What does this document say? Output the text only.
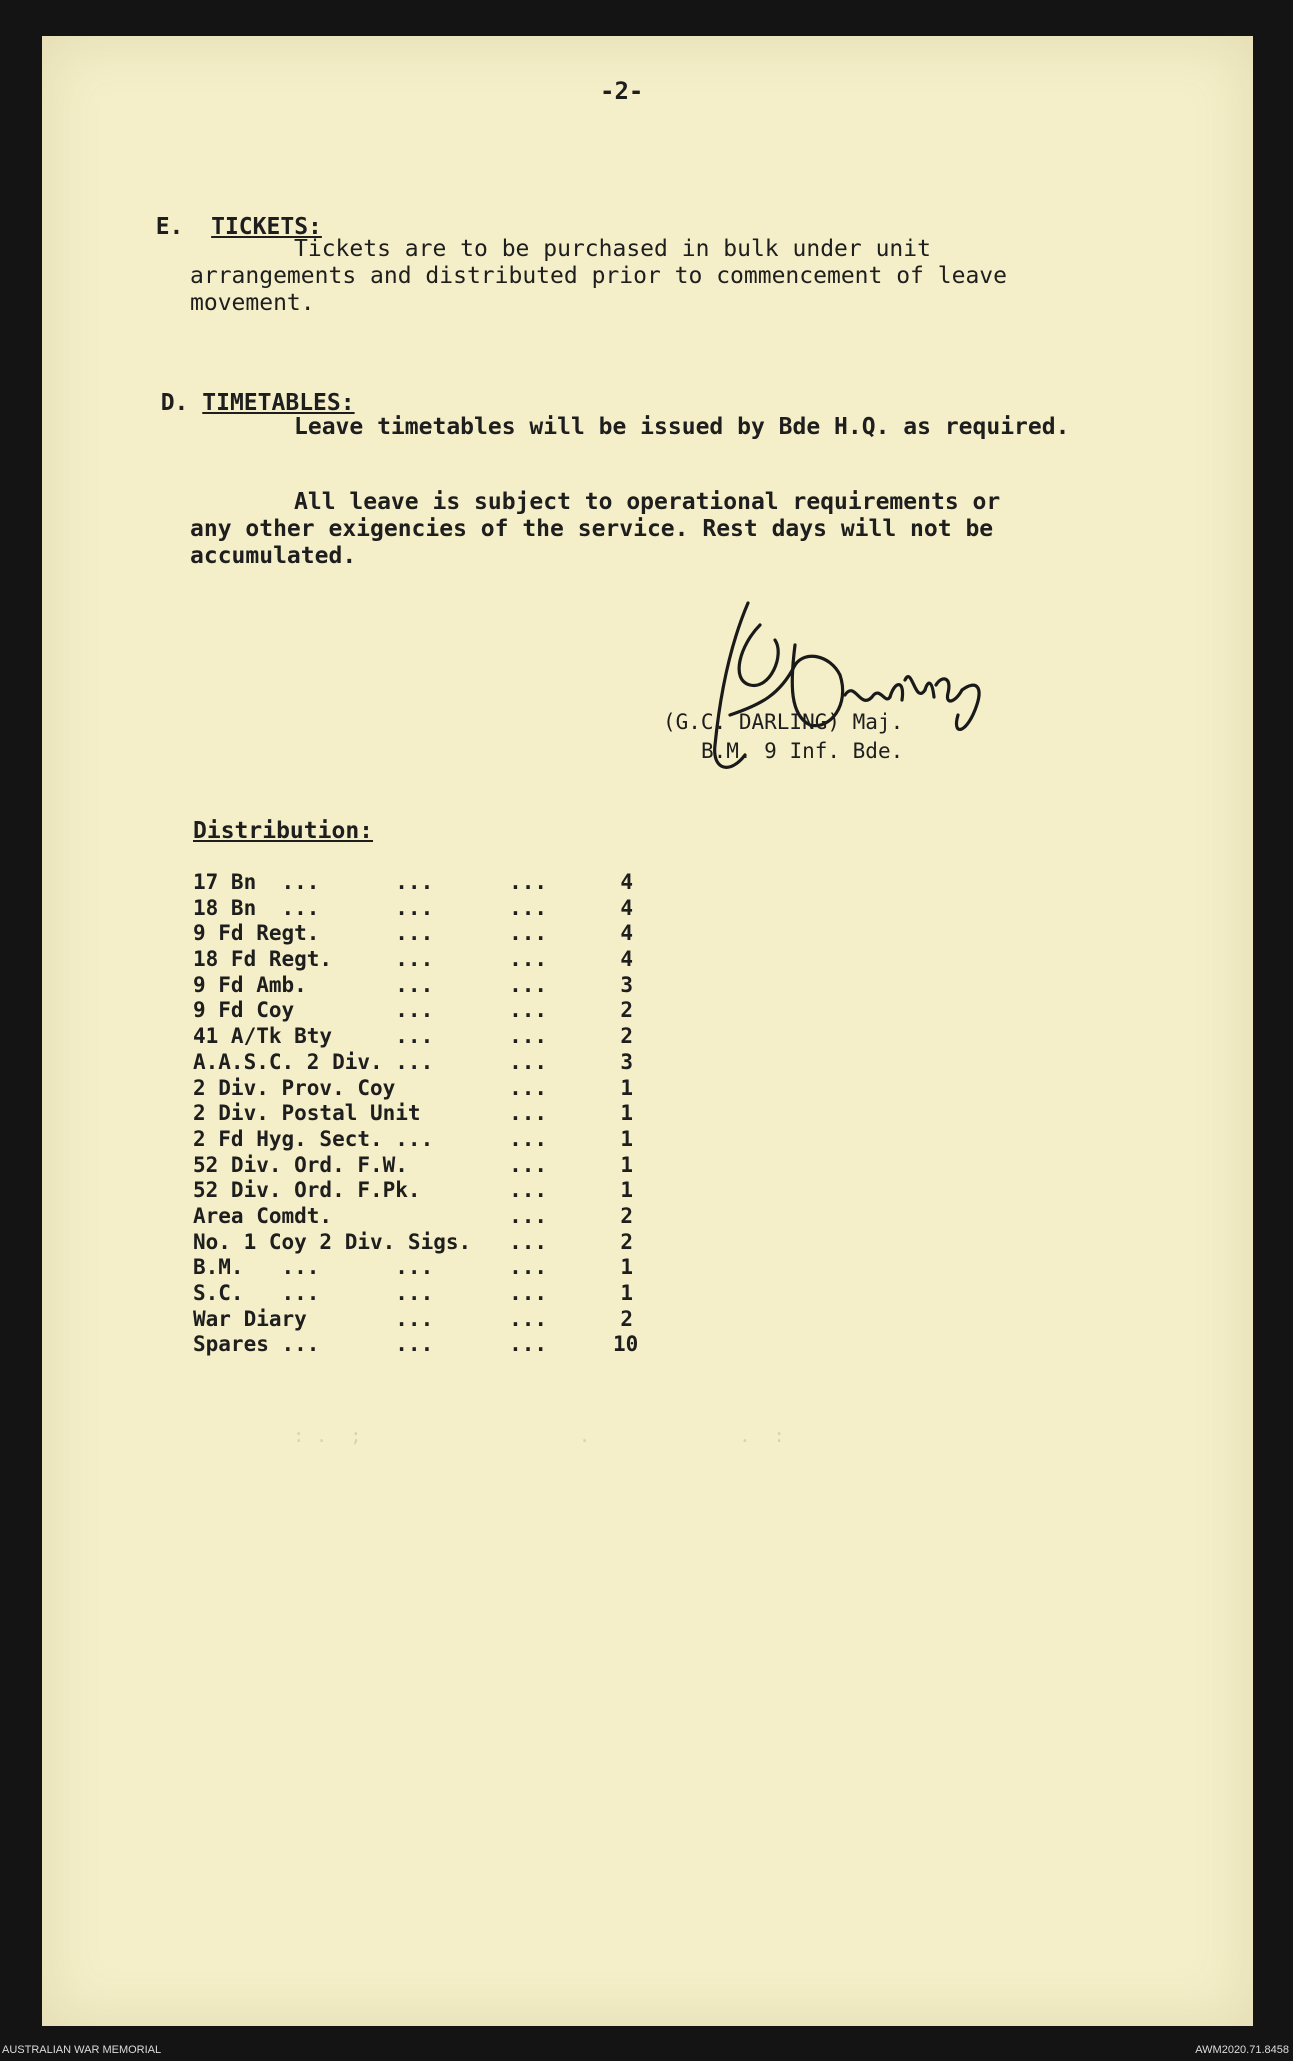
: .  ;                   .             .  :
-2-

E. TICKETS:

Tickets are to be purchased in bulk under unit
arrangements and distributed prior to commencement of leave
movement.

D. TIMETABLES:

Leave timetables will be issued by Bde H.Q. as required.
All leave is subject to operational requirements or
any other exigencies of the service. Rest days will not be
accumulated.
(G.C. DARLING) Maj.
B.M. 9 Inf. Bde.
Distribution:
17 Bn  ...      ...      ...	4
18 Bn  ...      ...      ...	4
9 Fd Regt.      ...      ...	4
18 Fd Regt.     ...      ...	4
9 Fd Amb.       ...      ...	3
9 Fd Coy        ...      ...	2
41 A/Tk Bty     ...      ...	2
A.A.S.C. 2 Div. ...      ...	3
2 Div. Prov. Coy         ...	1
2 Div. Postal Unit       ...	1
2 Fd Hyg. Sect. ...      ...	1
52 Div. Ord. F.W.        ...	1
52 Div. Ord. F.Pk.       ...	1
Area Comdt.              ...	2
No. 1 Coy 2 Div. Sigs.   ...	2
B.M.   ...      ...      ...	1
S.C.   ...      ...      ...	1
War Diary       ...      ...	2
Spares ...      ...      ...	10
AUSTRALIAN WAR MEMORIAL	AWM2020.71.8458
